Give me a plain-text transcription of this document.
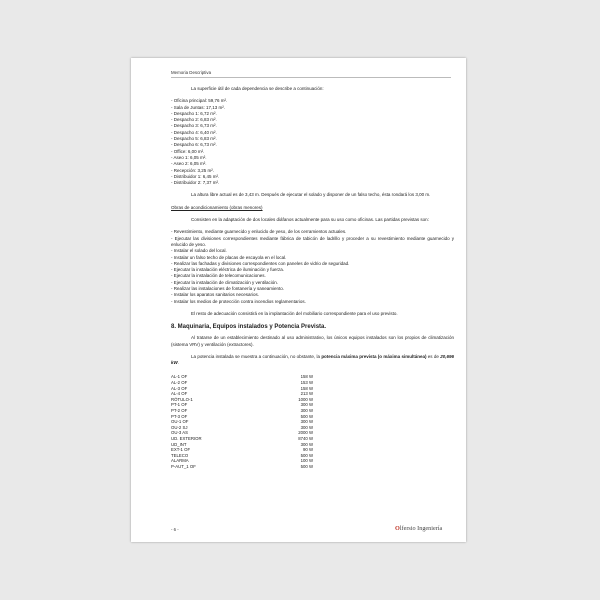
Memoria Descriptiva

La superficie útil de cada dependencia se describe a continuación:

- Oficina principal: 59,76 m².

- Sala de Juntas: 17,13 m².

- Despacho 1: 6,72 m².

- Despacho 2: 6,83 m².

- Despacho 3: 6,73 m².

- Despacho 4: 6,40 m².

- Despacho 5: 6,83 m².

- Despacho 6: 6,73 m².

- Office: 6,00 m².

- Aseo 1: 6,05 m².

- Aseo 2: 6,05 m².

- Recepción: 3,25 m².

- Distribuidor 1: 6,45 m².

- Distribuidor 2: 7,37 m².

La altura libre actual es de 3,43 m. Después de ejecutar el solado y disponer de un falso techo, ésta rondará los 3,00 m.

Obras de acondicionamiento (obras menores)

Consisten en la adaptación de dos locales diáfanos actualmente para su uso como oficinas. Las partidas previstas son:

- Revestimiento, mediante guarnecido y enlucido de yeso, de los cerramientos actuales.

- Ejecutar las divisiones correspondientes mediante fábrica de tabicón de ladrillo y proceder a su revestimiento mediante guarnecido y enlucido de yeso.

- Instalar el solado del local.

- Instalar un falso techo de placas de escayola en el local.

- Realizar las fachadas y divisiones correspondientes con paneles de vidrio de seguridad.

- Ejecutar la instalación eléctrica de iluminación y fuerza.

- Ejecutar la instalación de telecomunicaciones.

- Ejecutar la instalación de climatización y ventilación.

- Realizar las instalaciones de fontanería y saneamiento.

- Instalar los aparatos sanitarios necesarios.

- Instalar los medios de protección contra incendios reglamentarios.

El resto de adecuación consistirá en la implantación del mobiliario correspondiente para el uso previsto.

8. Maquinaria, Equipos instalados y Potencia Prevista.

Al tratarse de un establecimiento destinado al uso administrativo, los únicos equipos instalados son los propios de climatización (sistema VRV) y ventilación (extractores).

La potencia instalada se muestra a continuación, no obstante, la potencia máxima prevista (o máxima simultánea) es de 20,696 kW.

AL-1 OF	158 W
AL-2 OF	153 W
AL-3 OF	158 W
AL-4 OF	213 W
RÓTULO-1	1000 W
PT-1 OF	300 W
PT-2 OF	300 W
PT-3 OF	500 W
OU-1 OF	300 W
OU-2 SJ	300 W
OU-3 AS	2000 W
UD. EXTERIOR	8740 W
UD_INT	300 W
EXT-1 OF	90 W
TELECO	500 W
ALARMA	100 W
P-AUT_1 OF	500 W
- 6 -	Olfersio Ingeniería
